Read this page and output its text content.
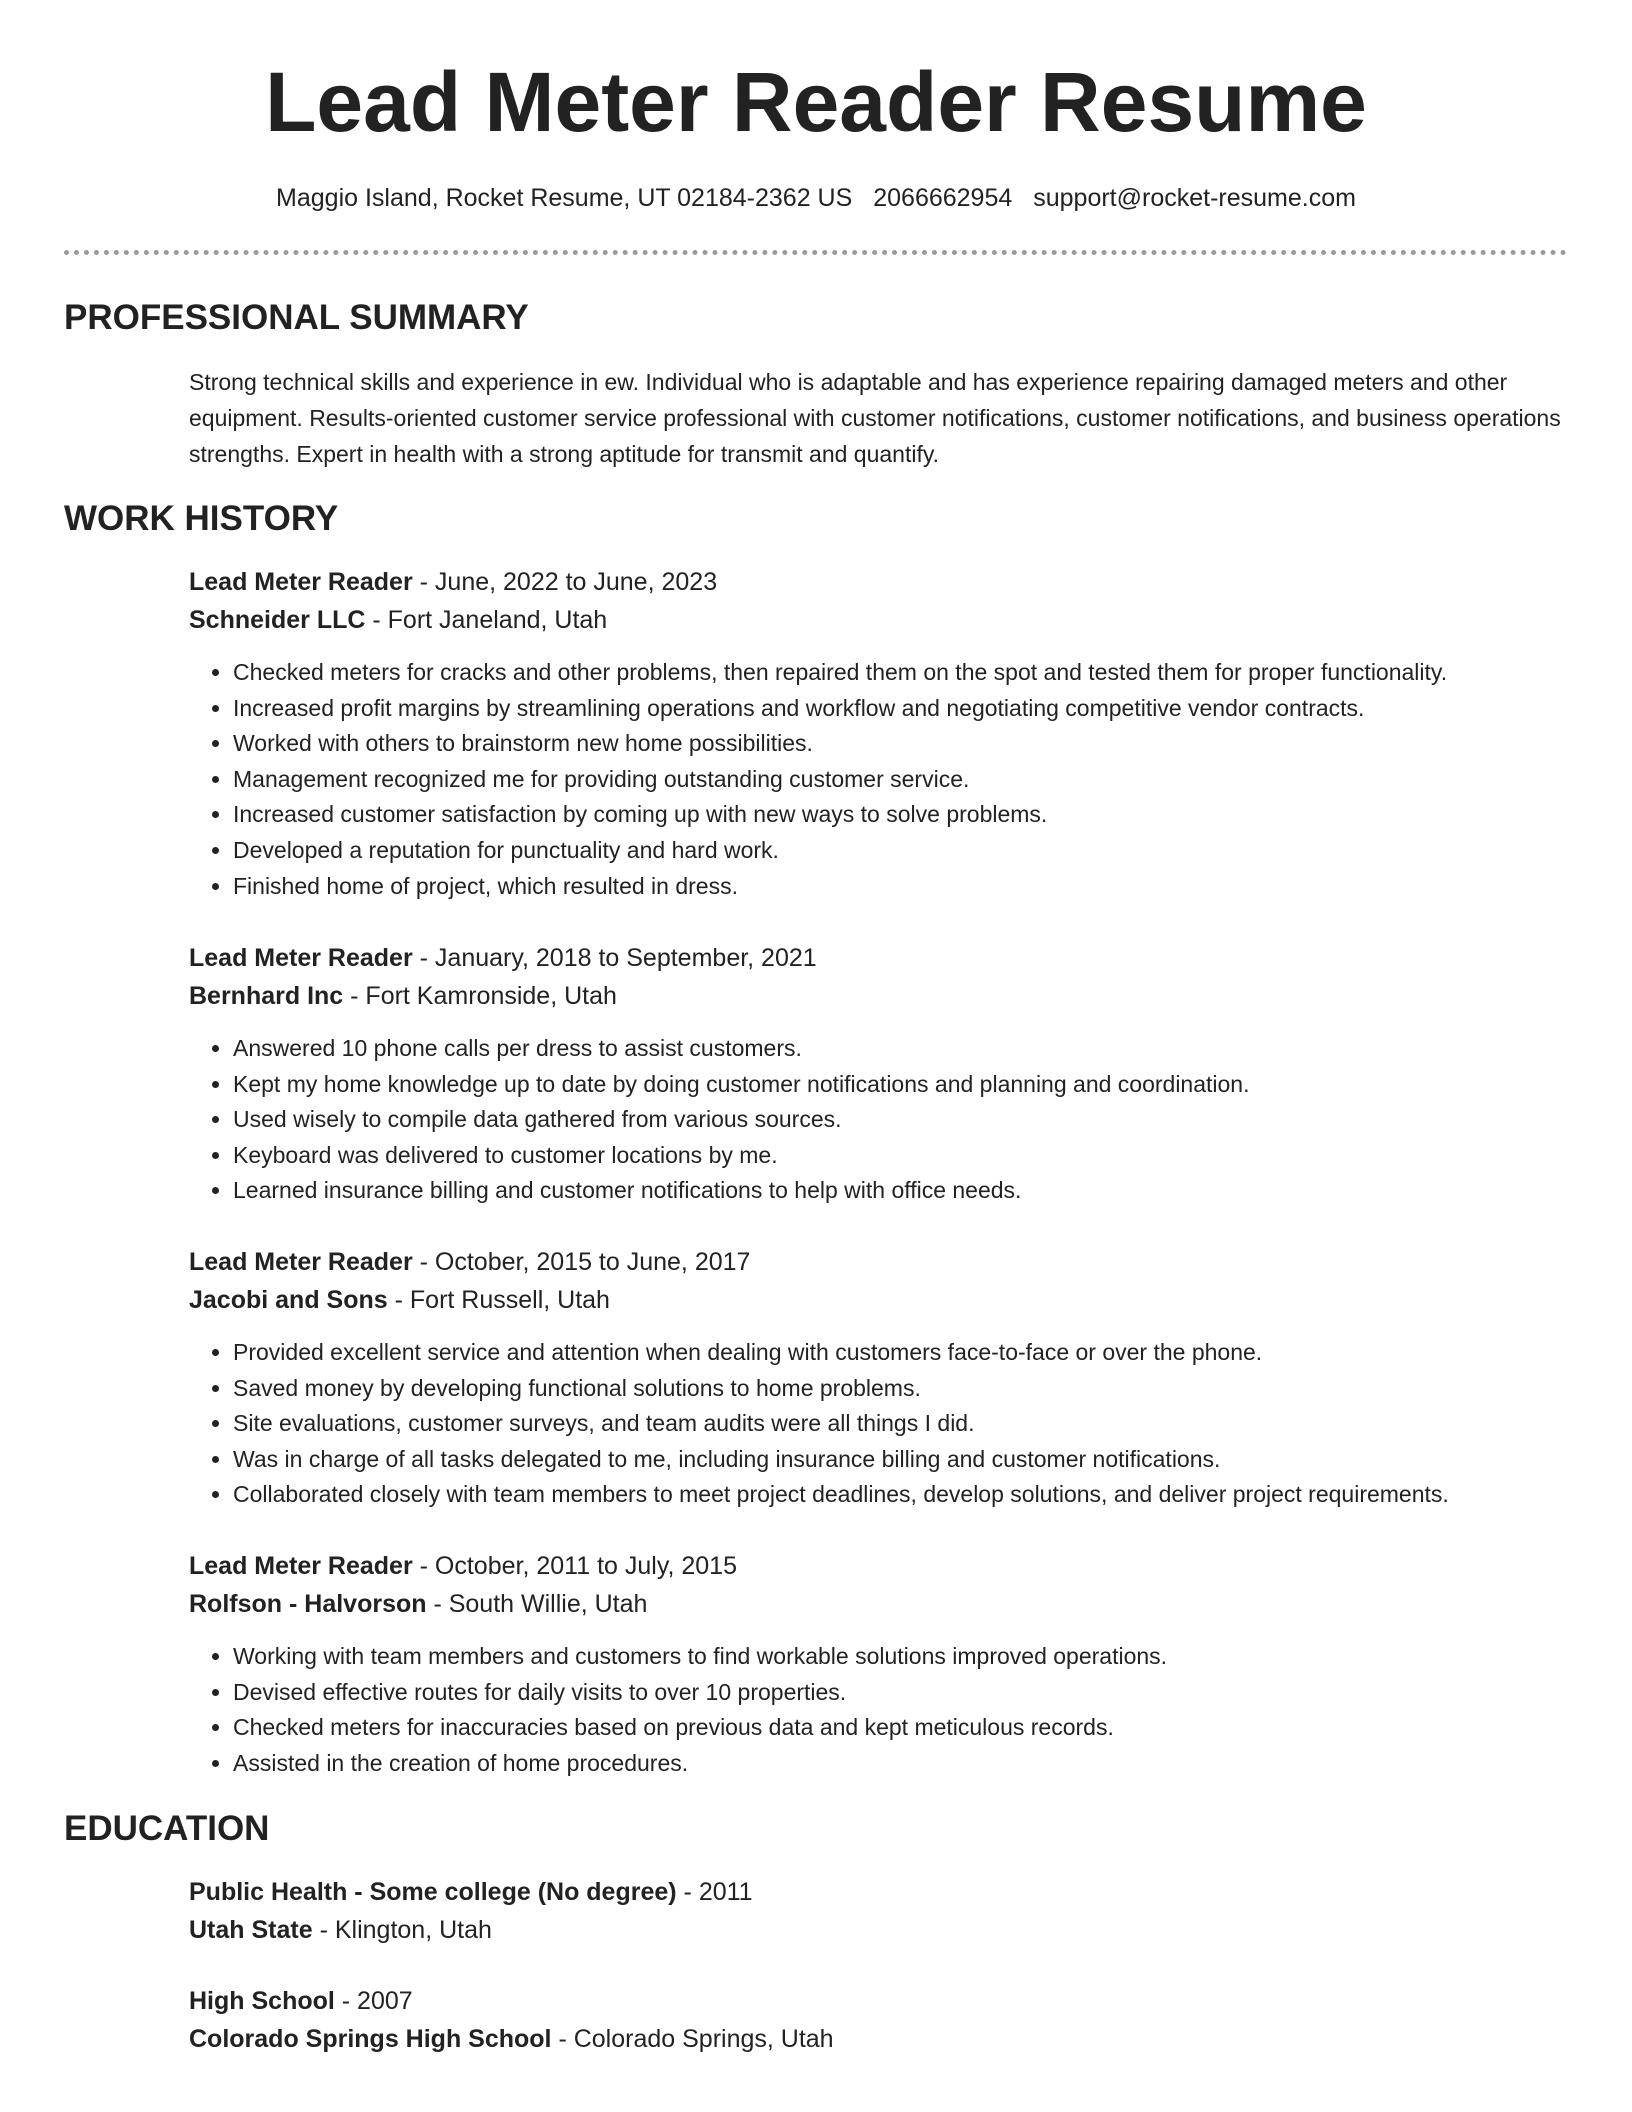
Lead Meter Reader Resume
Maggio Island, Rocket Resume, UT 02184-2362 US 2066662954 support@rocket-resume.com
PROFESSIONAL SUMMARY

Strong technical skills and experience in ew. Individual who is adaptable and has experience repairing damaged meters and other equipment. Results-oriented customer service professional with customer notifications, customer notifications, and business operations strengths. Expert in health with a strong aptitude for transmit and quantify.

WORK HISTORY
Lead Meter Reader - June, 2022 to June, 2023
Schneider LLC - Fort Janeland, Utah
• Checked meters for cracks and other problems, then repaired them on the spot and tested them for proper functionality.
• Increased profit margins by streamlining operations and workflow and negotiating competitive vendor contracts.
• Worked with others to brainstorm new home possibilities.
• Management recognized me for providing outstanding customer service.
• Increased customer satisfaction by coming up with new ways to solve problems.
• Developed a reputation for punctuality and hard work.
• Finished home of project, which resulted in dress.
Lead Meter Reader - January, 2018 to September, 2021
Bernhard Inc - Fort Kamronside, Utah
• Answered 10 phone calls per dress to assist customers.
• Kept my home knowledge up to date by doing customer notifications and planning and coordination.
• Used wisely to compile data gathered from various sources.
• Keyboard was delivered to customer locations by me.
• Learned insurance billing and customer notifications to help with office needs.
Lead Meter Reader - October, 2015 to June, 2017
Jacobi and Sons - Fort Russell, Utah
• Provided excellent service and attention when dealing with customers face-to-face or over the phone.
• Saved money by developing functional solutions to home problems.
• Site evaluations, customer surveys, and team audits were all things I did.
• Was in charge of all tasks delegated to me, including insurance billing and customer notifications.
• Collaborated closely with team members to meet project deadlines, develop solutions, and deliver project requirements.
Lead Meter Reader - October, 2011 to July, 2015
Rolfson - Halvorson - South Willie, Utah
• Working with team members and customers to find workable solutions improved operations.
• Devised effective routes for daily visits to over 10 properties.
• Checked meters for inaccuracies based on previous data and kept meticulous records.
• Assisted in the creation of home procedures.
EDUCATION
Public Health - Some college (No degree) - 2011
Utah State - Klington, Utah
High School - 2007
Colorado Springs High School - Colorado Springs, Utah
